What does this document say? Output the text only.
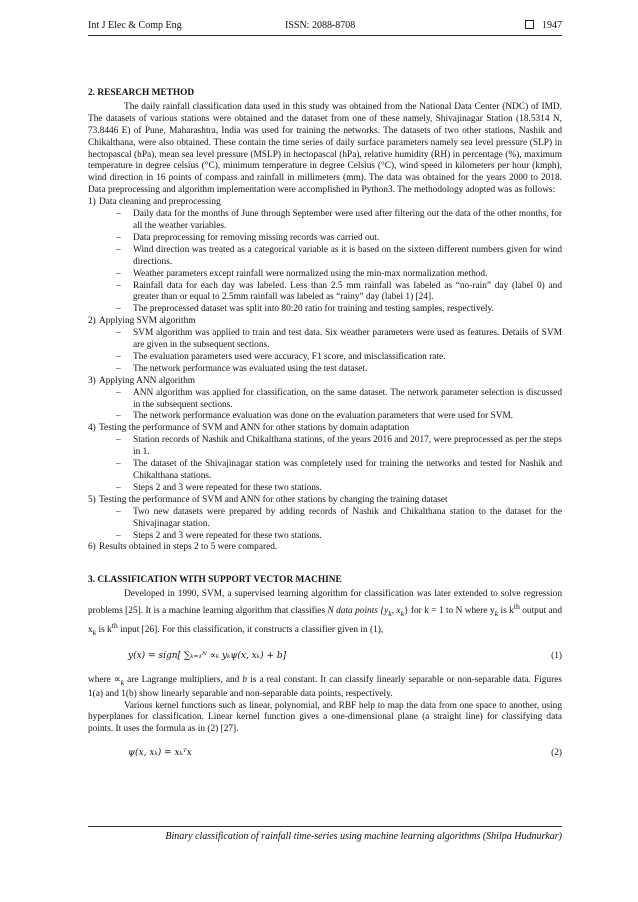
Int J Elec & Comp Eng	ISSN: 2088-8708	1947

2. RESEARCH METHOD

The daily rainfall classification data used in this study was obtained from the National Data Center (NDC) of IMD. The datasets of various stations were obtained and the dataset from one of these namely, Shivajinagar Station (18.5314 N, 73.8446 E) of Pune, Maharashtra, India was used for training the networks. The datasets of two other stations, Nashik and Chikalthana, were also obtained. These contain the time series of daily surface parameters namely sea level pressure (SLP) in hectopascal (hPa), mean sea level pressure (MSLP) in hectopascal (hPa), relative humidity (RH) in percentage (%), maximum temperature in degree celsius (°C), minimum temperature in degree Celsius (°C), wind speed in kilometers per hour (kmph), wind direction in 16 points of compass and rainfall in millimeters (mm). The data was obtained for the years 2000 to 2018. Data preprocessing and algorithm implementation were accomplished in Python3. The methodology adopted was as follows:

1) Data cleaning and preprocessing
– Daily data for the months of June through September were used after filtering out the data of the other months, for all the weather variables.
– Data preprocessing for removing missing records was carried out.
– Wind direction was treated as a categorical variable as it is based on the sixteen different numbers given for wind directions.
– Weather parameters except rainfall were normalized using the min-max normalization method.
– Rainfall data for each day was labeled. Less than 2.5 mm rainfall was labeled as “no-rain” day (label 0) and greater than or equal to 2.5mm rainfall was labeled as “rainy” day (label 1) [24].
– The preprocessed dataset was split into 80:20 ratio for training and testing samples, respectively.
2) Applying SVM algorithm
– SVM algorithm was applied to train and test data. Six weather parameters were used as features. Details of SVM are given in the subsequent sections.
– The evaluation parameters used were accuracy, F1 score, and misclassification rate.
– The network performance was evaluated using the test dataset.
3) Applying ANN algorithm
– ANN algorithm was applied for classification, on the same dataset. The network parameter selection is discussed in the subsequent sections.
– The network performance evaluation was done on the evaluation parameters that were used for SVM.
4) Testing the performance of SVM and ANN for other stations by domain adaptation
– Station records of Nashik and Chikalthana stations, of the years 2016 and 2017, were preprocessed as per the steps in 1.
– The dataset of the Shivajinagar station was completely used for training the networks and tested for Nashik and Chikalthana stations.
– Steps 2 and 3 were repeated for these two stations.
5) Testing the performance of SVM and ANN for other stations by changing the training dataset
– Two new datasets were prepared by adding records of Nashik and Chikalthana station to the dataset for the Shivajinagar station.
– Steps 2 and 3 were repeated for these two stations.
6) Results obtained in steps 2 to 5 were compared.

3. CLASSIFICATION WITH SUPPORT VECTOR MACHINE

Developed in 1990, SVM, a supervised learning algorithm for classification was later extended to solve regression problems [25]. It is a machine learning algorithm that classifies N data points {$y_k$, $x_k$} for k = 1 to N where $y_k$ is $k^{th}$ output and $x_k$ is $k^{th}$ input [26]. For this classification, it constructs a classifier given in (1),

y(x) = sign[ ∑ₖ₌₁ᴺ ∝ₖ yₖψ(x, xₖ) + b]	(1)

where $\propto_k$ are Lagrange multipliers, and b is a real constant. It can classify linearly separable or non-separable data. Figures 1(a) and 1(b) show linearly separable and non-separable data points, respectively.

Various kernel functions such as linear, polynomial, and RBF help to map the data from one space to another, using hyperplanes for classification. Linear kernel function gives a one-dimensional plane (a straight line) for classifying data points. It uses the formula as in (2) [27].

ψ(x, xₖ) = xₖᵀx	(2)

Binary classification of rainfall time-series using machine learning algorithms (Shilpa Hudnurkar)
